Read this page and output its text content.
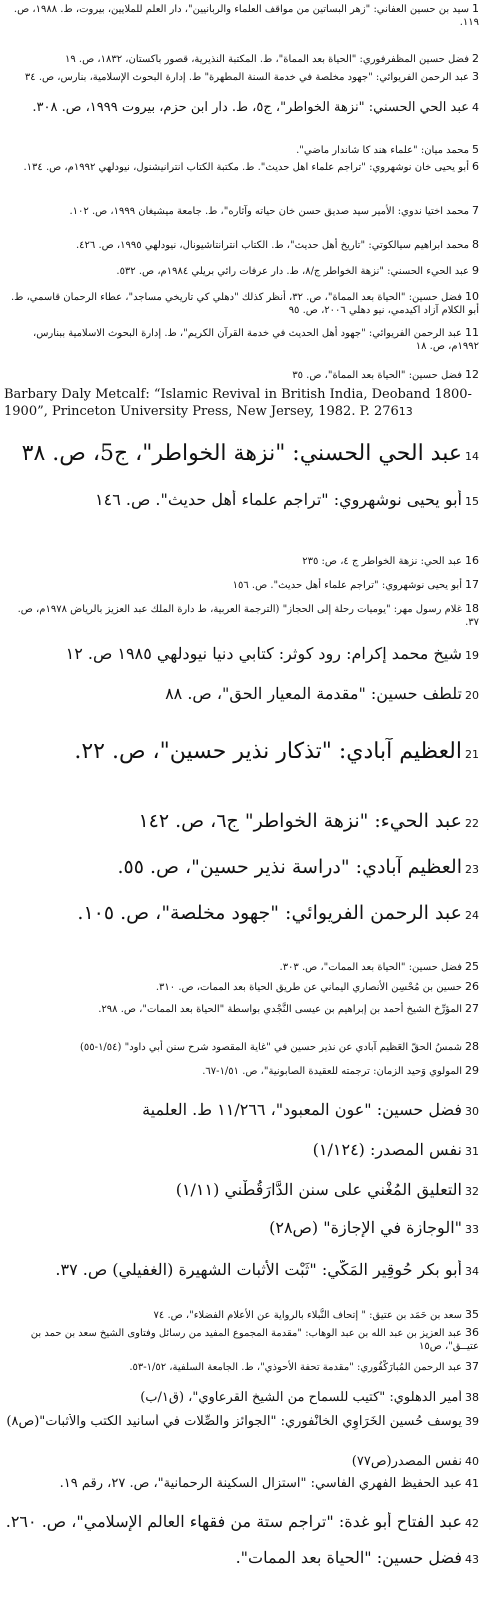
1سيد بن حسين العفاني: "زهر البساتين من مواقف العلماء والربانيين"، دار العلم للملايين، بيروت، ط. ١٩٨٨، ص. ١١٩.
2فضل حسين المظفرفوري: "الحياة بعد المماة"، ط. المكتبة النذيرية، قصور باكستان، ١٨٣٢، ص. ١٩
3عبد الرحمن الفريوائي: "جهود مخلصة في خدمة السنة المطهرة" ط. إدارة البحوث الإسلامية، بنارس، ص. ٣٤
4عبد الحي الحسني: "نزهة الخواطر"، ج٥، ط. دار ابن حزم، بيروت ١٩٩٩، ص. ٣٠٨.
5محمد ميان: "علماء هند كا شاندار ماضي".
6أبو يحيى خان نوشهروي: "تراجم علماء اهل حديث". ط. مكتبة الكتاب انترانيشنول، نيودلهي ١٩٩٢م، ص. ١٣٤.
7محمد اختيا ندوي: الأمير سيد صديق حسن خان حياته وآثاره"، ط. جامعة ميشيغان ١٩٩٩، ص. ١٠٢.
8محمد ابراهيم سيالكوتي: "تاريخ أهل حديث"، ط. الكتاب انترانتاشيونال، نيودلهي ١٩٩٥، ص. ٤٢٦.
9عبد الحيء الحسني: "نزهة الخواطر ج/٨، ط. دار عرفات رائي بريلي ١٩٨٤م، ص. ٥٣٢.
10فضل حسين: "الحياة بعد المماة"، ص. ٣٢، أنظر كذلك "دهلي كي تاريخي مساجد"، عطاء الرحمان قاسمي، ط. أبو الكلام آزاد اكيدمي، نيو دهلي ٢٠٠٦، ص. ٩٥
11عبد الرحمن الفريوائي: "جهود أهل الحديث في خدمة القرآن الكريم"، ط. إدارة البحوث الاسلامية ببنارس، ١٩٩٢م، ص. ١٨
12فضل حسين: "الحياة بعد المماة"، ص. ٣٥
Barbary Daly Metcalf: “Islamic Revival in British India, Deoband 1800-1900”, Princeton University Press, New Jersey, 1982. P. 27613
14عبد الحي الحسني: "نزهة الخواطر"، ج5، ص. ٣٨
15أبو يحيى نوشهروي: "تراجم علماء أهل حديث". ص. ١٤٦
16عبد الحي: نزهة الخواطر ج ٤، ص: ٢٣٥
17أبو يحيى نوشهروي: "تراجم علماء أهل حديث". ص. ١٥٦
18غلام رسول مهر: "يوميات رحلة إلى الحجاز" (الترجمة العربية، ط دارة الملك عبد العزيز بالرياض ١٩٧٨م، ص. ٣٧.
19شيخ محمد إكرام: رود كوثر: كتابي دنيا نيودلهي ١٩٨٥ ص. ١٢
20تلطف حسين: "مقدمة المعيار الحق"، ص. ٨٨
21العظيم آبادي: "تذكار نذير حسين"، ص. ٢٢.
22عبد الحيء: "نزهة الخواطر" ج٦، ص. ١٤٢
23العظيم آبادي: "دراسة نذير حسين"، ص. ٥٥.
24عبد الرحمن الفريوائي: "جهود مخلصة"، ص. ١٠٥.
25فضل حسين: "الحياة بعد الممات"، ص. ٣٠٣.
26حسين بن مُحْسِن الأنصاري اليماني عن طريق الحياة بعد الممات، ص. ٣١٠.
27المؤرِّخ الشيخ أحمد بن إبراهيم بن عيسى النَّجْدي بواسطة "الحياة بعد الممات"، ص. ٢٩٨.
28شمسُ الحقّ العَظيم آبادي عن نذير حسين في "غاية المقصود شرح سنن أبي داود" (١/٥٤-٥٥)
29المولوي وَحيد الزمان: ترجمته للعقيدة الصابونية"، ص. ١/٥١-٦٧.
30فضل حسين: "عون المعبود"، ١١/٢٦٦ ط. العلمية
31نفس المصدر: (١/١٢٤)
32التعليق المُغْني على سنن الدَّارَقُطْني (١/١١)
33"الوجازة في الإجازة" (ص٢٨)
34أبو بكر حُوقِير المَكّي: "ثَبْت الأثبات الشهيرة (الغفيلي) ص. ٣٧.
35سعد بن حَمَد بن عتيق: " إتحاف النُّبلاء بالرواية عن الأعلام الفضلاء"، ص. ٧٤
36عبد العزيز بن عبد الله بن عبد الوهاب: "مقدمة المجموع المفيد من رسائل وفتاوى الشيخ سعد بن حمد بن عتيــق"، ص١٥
37عبد الرحمن المُبارَكْفُوري: "مقدمة تحفة الأحوذي"، ط. الجامعة السلفية، ١/٥٢-٥٣.
38أمير الدهلوي: "كتيب للسماح من الشيخ القرعاوي"، (ق١/ب)
39يوسف حُسين الخَرَاوِي الخانْفوري: "الجوائز والصِّلات في أسانيد الكتب والأثبات"(ص٨)
40نفس المصدر(ص٧٧)
41عبد الحفيظ الفهري الفاسي: "استزال السكينة الرحمانية"، ص. ٢٧، رقم ١٩.
42عبد الفتاح أبو غدة: "تراجم ستة من فقهاء العالم الإسلامي"، ص. ٢٦٠.
43فضل حسين: "الحياة بعد الممات".
